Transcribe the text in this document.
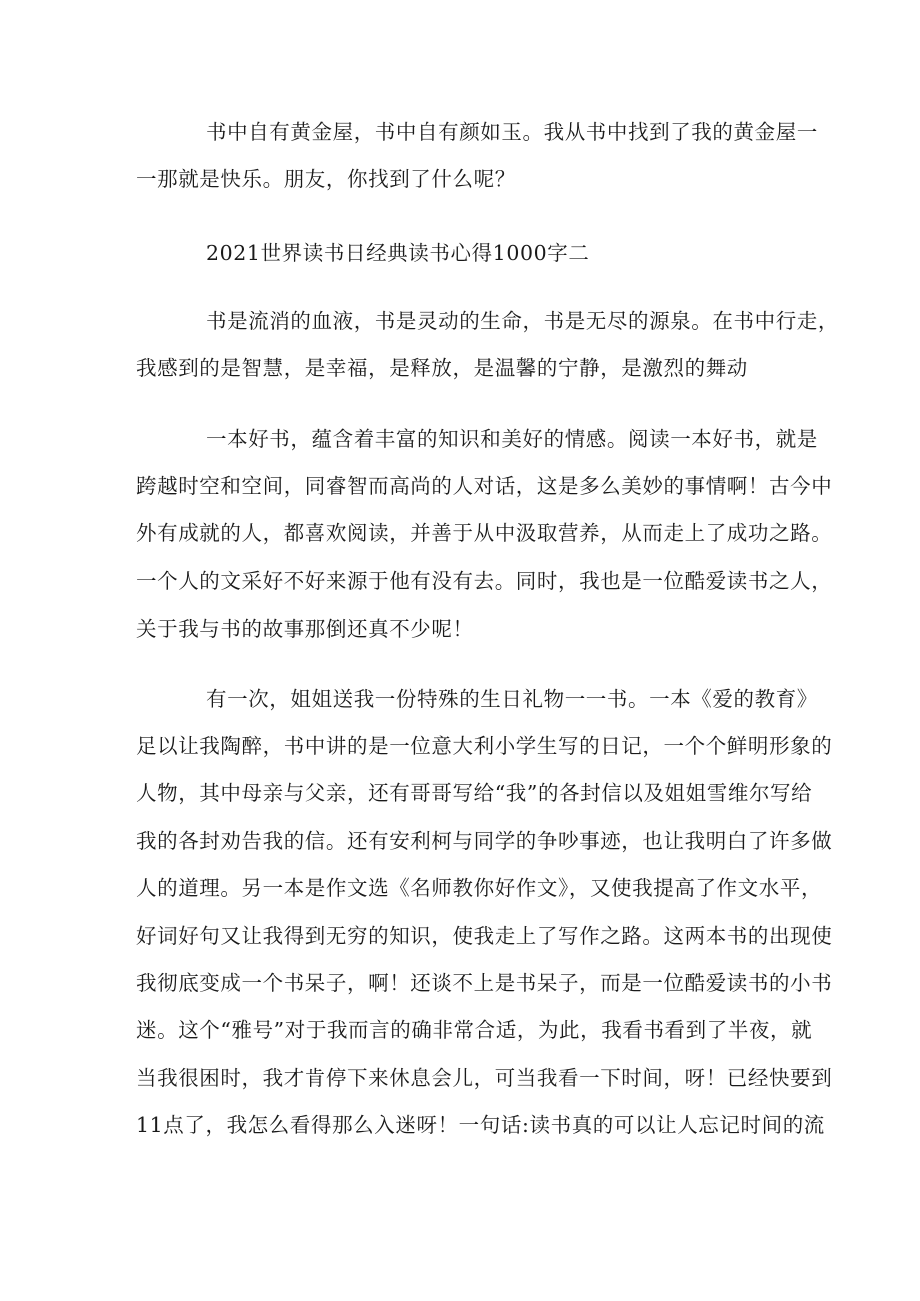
书中自有黄金屋，书中自有颜如玉。我从书中找到了我的黄金屋一
一那就是快乐。朋友，你找到了什么呢？
2021世界读书日经典读书心得1000字二
书是流消的血液，书是灵动的生命，书是无尽的源泉。在书中行走，
我感到的是智慧，是幸福，是释放，是温馨的宁静，是激烈的舞动
一本好书，蕴含着丰富的知识和美好的情感。阅读一本好书，就是
跨越时空和空间，同睿智而高尚的人对话，这是多么美妙的事情啊！古今中
外有成就的人，都喜欢阅读，并善于从中汲取营养，从而走上了成功之路。
一个人的文采好不好来源于他有没有去。同时，我也是一位酷爱读书之人，
关于我与书的故事那倒还真不少呢！
有一次，姐姐送我一份特殊的生日礼物一一书。一本《爱的教育》
足以让我陶醉，书中讲的是一位意大利小学生写的日记，一个个鲜明形象的
人物，其中母亲与父亲，还有哥哥写给“我”的各封信以及姐姐雪维尔写给
我的各封劝告我的信。还有安利柯与同学的争吵事迹，也让我明白了许多做
人的道理。另一本是作文选《名师教你好作文》，又使我提高了作文水平，
好词好句又让我得到无穷的知识，使我走上了写作之路。这两本书的出现使
我彻底变成一个书呆子，啊！还谈不上是书呆子，而是一位酷爱读书的小书
迷。这个“雅号”对于我而言的确非常合适，为此，我看书看到了半夜，就
当我很困时，我才肯停下来休息会儿，可当我看一下时间，呀！已经快要到
11点了，我怎么看得那么入迷呀！一句话:读书真的可以让人忘记时间的流
